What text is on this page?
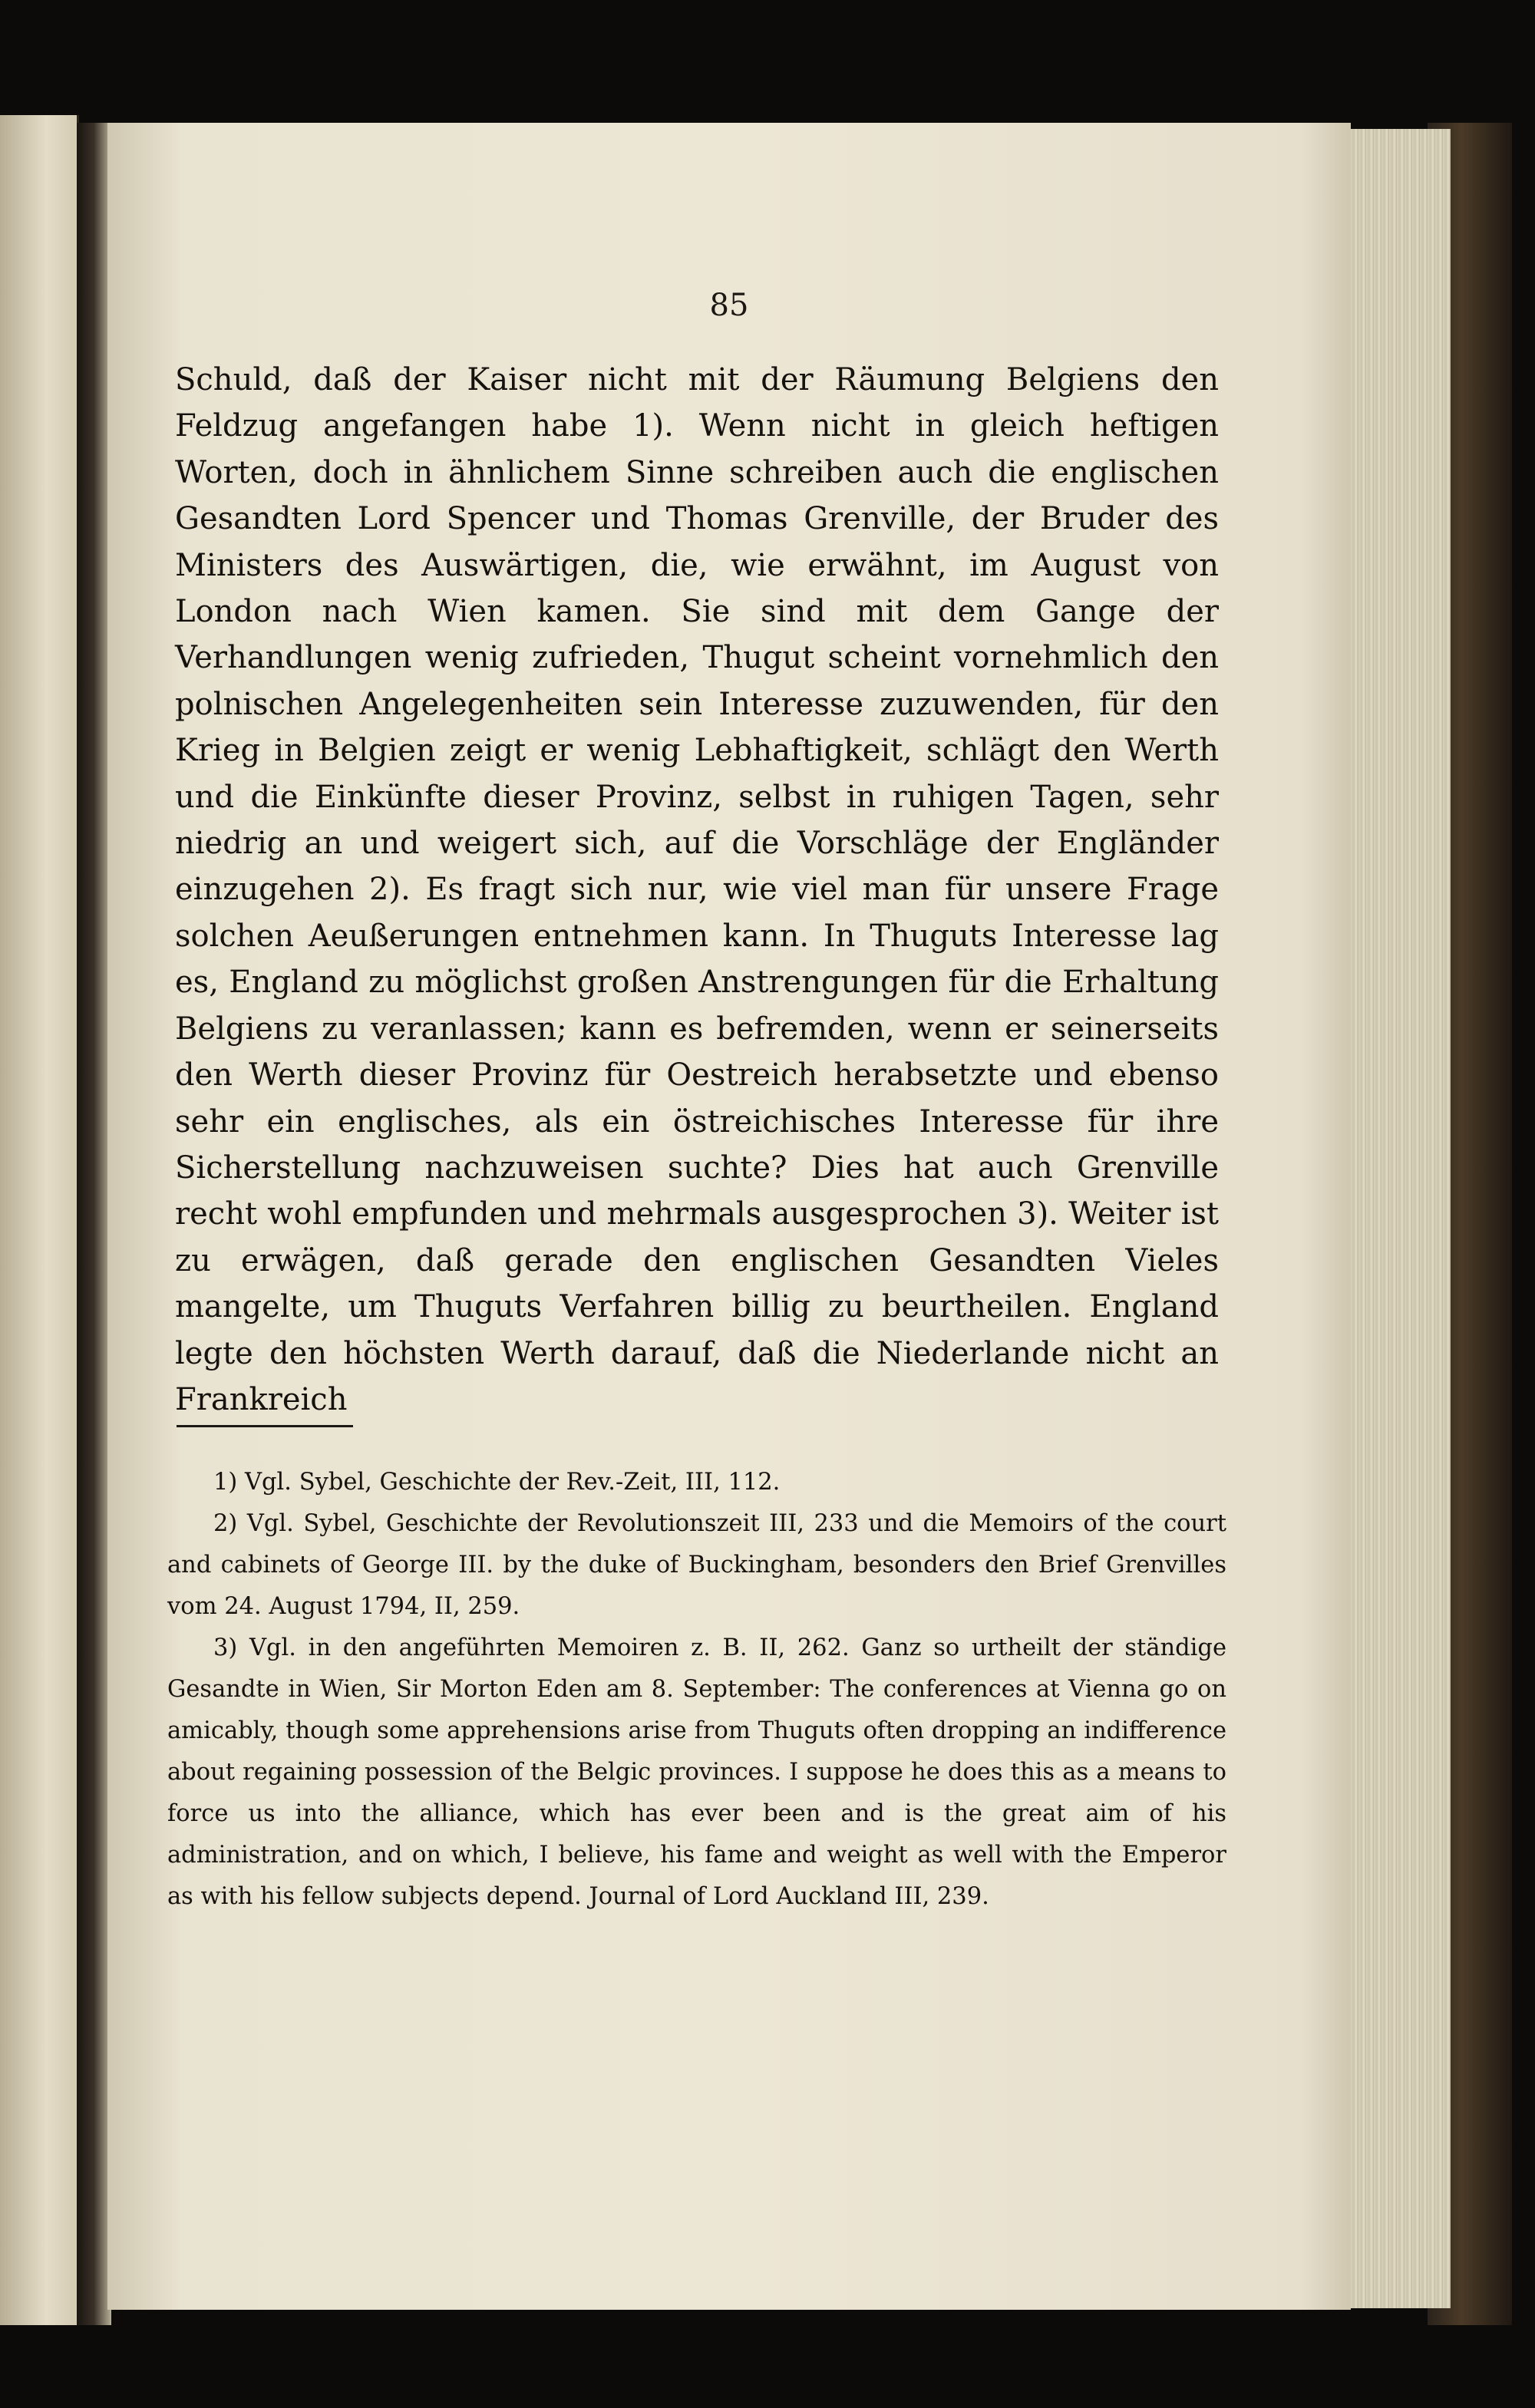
85

Schuld, daß der Kaiser nicht mit der Räumung Belgiens den Feldzug angefangen habe 1). Wenn nicht in gleich heftigen Worten, doch in ähnlichem Sinne schreiben auch die englischen Gesandten Lord Spencer und Thomas Grenville, der Bruder des Ministers des Auswärtigen, die, wie erwähnt, im August von London nach Wien kamen. Sie sind mit dem Gange der Verhandlungen wenig zufrieden, Thugut scheint vornehmlich den polnischen Angelegenheiten sein Interesse zuzuwenden, für den Krieg in Belgien zeigt er wenig Lebhaftigkeit, schlägt den Werth und die Einkünfte dieser Provinz, selbst in ruhigen Tagen, sehr niedrig an und weigert sich, auf die Vorschläge der Engländer einzugehen 2). Es fragt sich nur, wie viel man für unsere Frage solchen Aeußerungen entnehmen kann. In Thuguts Interesse lag es, England zu möglichst großen Anstrengungen für die Erhaltung Belgiens zu veranlassen; kann es befremden, wenn er seinerseits den Werth dieser Provinz für Oestreich herabsetzte und ebenso sehr ein englisches, als ein östreichisches Interesse für ihre Sicherstellung nachzuweisen suchte? Dies hat auch Grenville recht wohl empfunden und mehrmals ausgesprochen 3). Weiter ist zu erwägen, daß gerade den englischen Gesandten Vieles mangelte, um Thuguts Verfahren billig zu beurtheilen. England legte den höchsten Werth darauf, daß die Niederlande nicht an Frankreich

1) Vgl. Sybel, Geschichte der Rev.-Zeit, III, 112.

2) Vgl. Sybel, Geschichte der Revolutionszeit III, 233 und die Memoirs of the court and cabinets of George III. by the duke of Buckingham, besonders den Brief Grenvilles vom 24. August 1794, II, 259.

3) Vgl. in den angeführten Memoiren z. B. II, 262. Ganz so urtheilt der ständige Gesandte in Wien, Sir Morton Eden am 8. September: The conferences at Vienna go on amicably, though some apprehensions arise from Thuguts often dropping an indifference about regaining possession of the Belgic provinces. I suppose he does this as a means to force us into the alliance, which has ever been and is the great aim of his administration, and on which, I believe, his fame and weight as well with the Emperor as with his fellow subjects depend. Journal of Lord Auckland III, 239.
